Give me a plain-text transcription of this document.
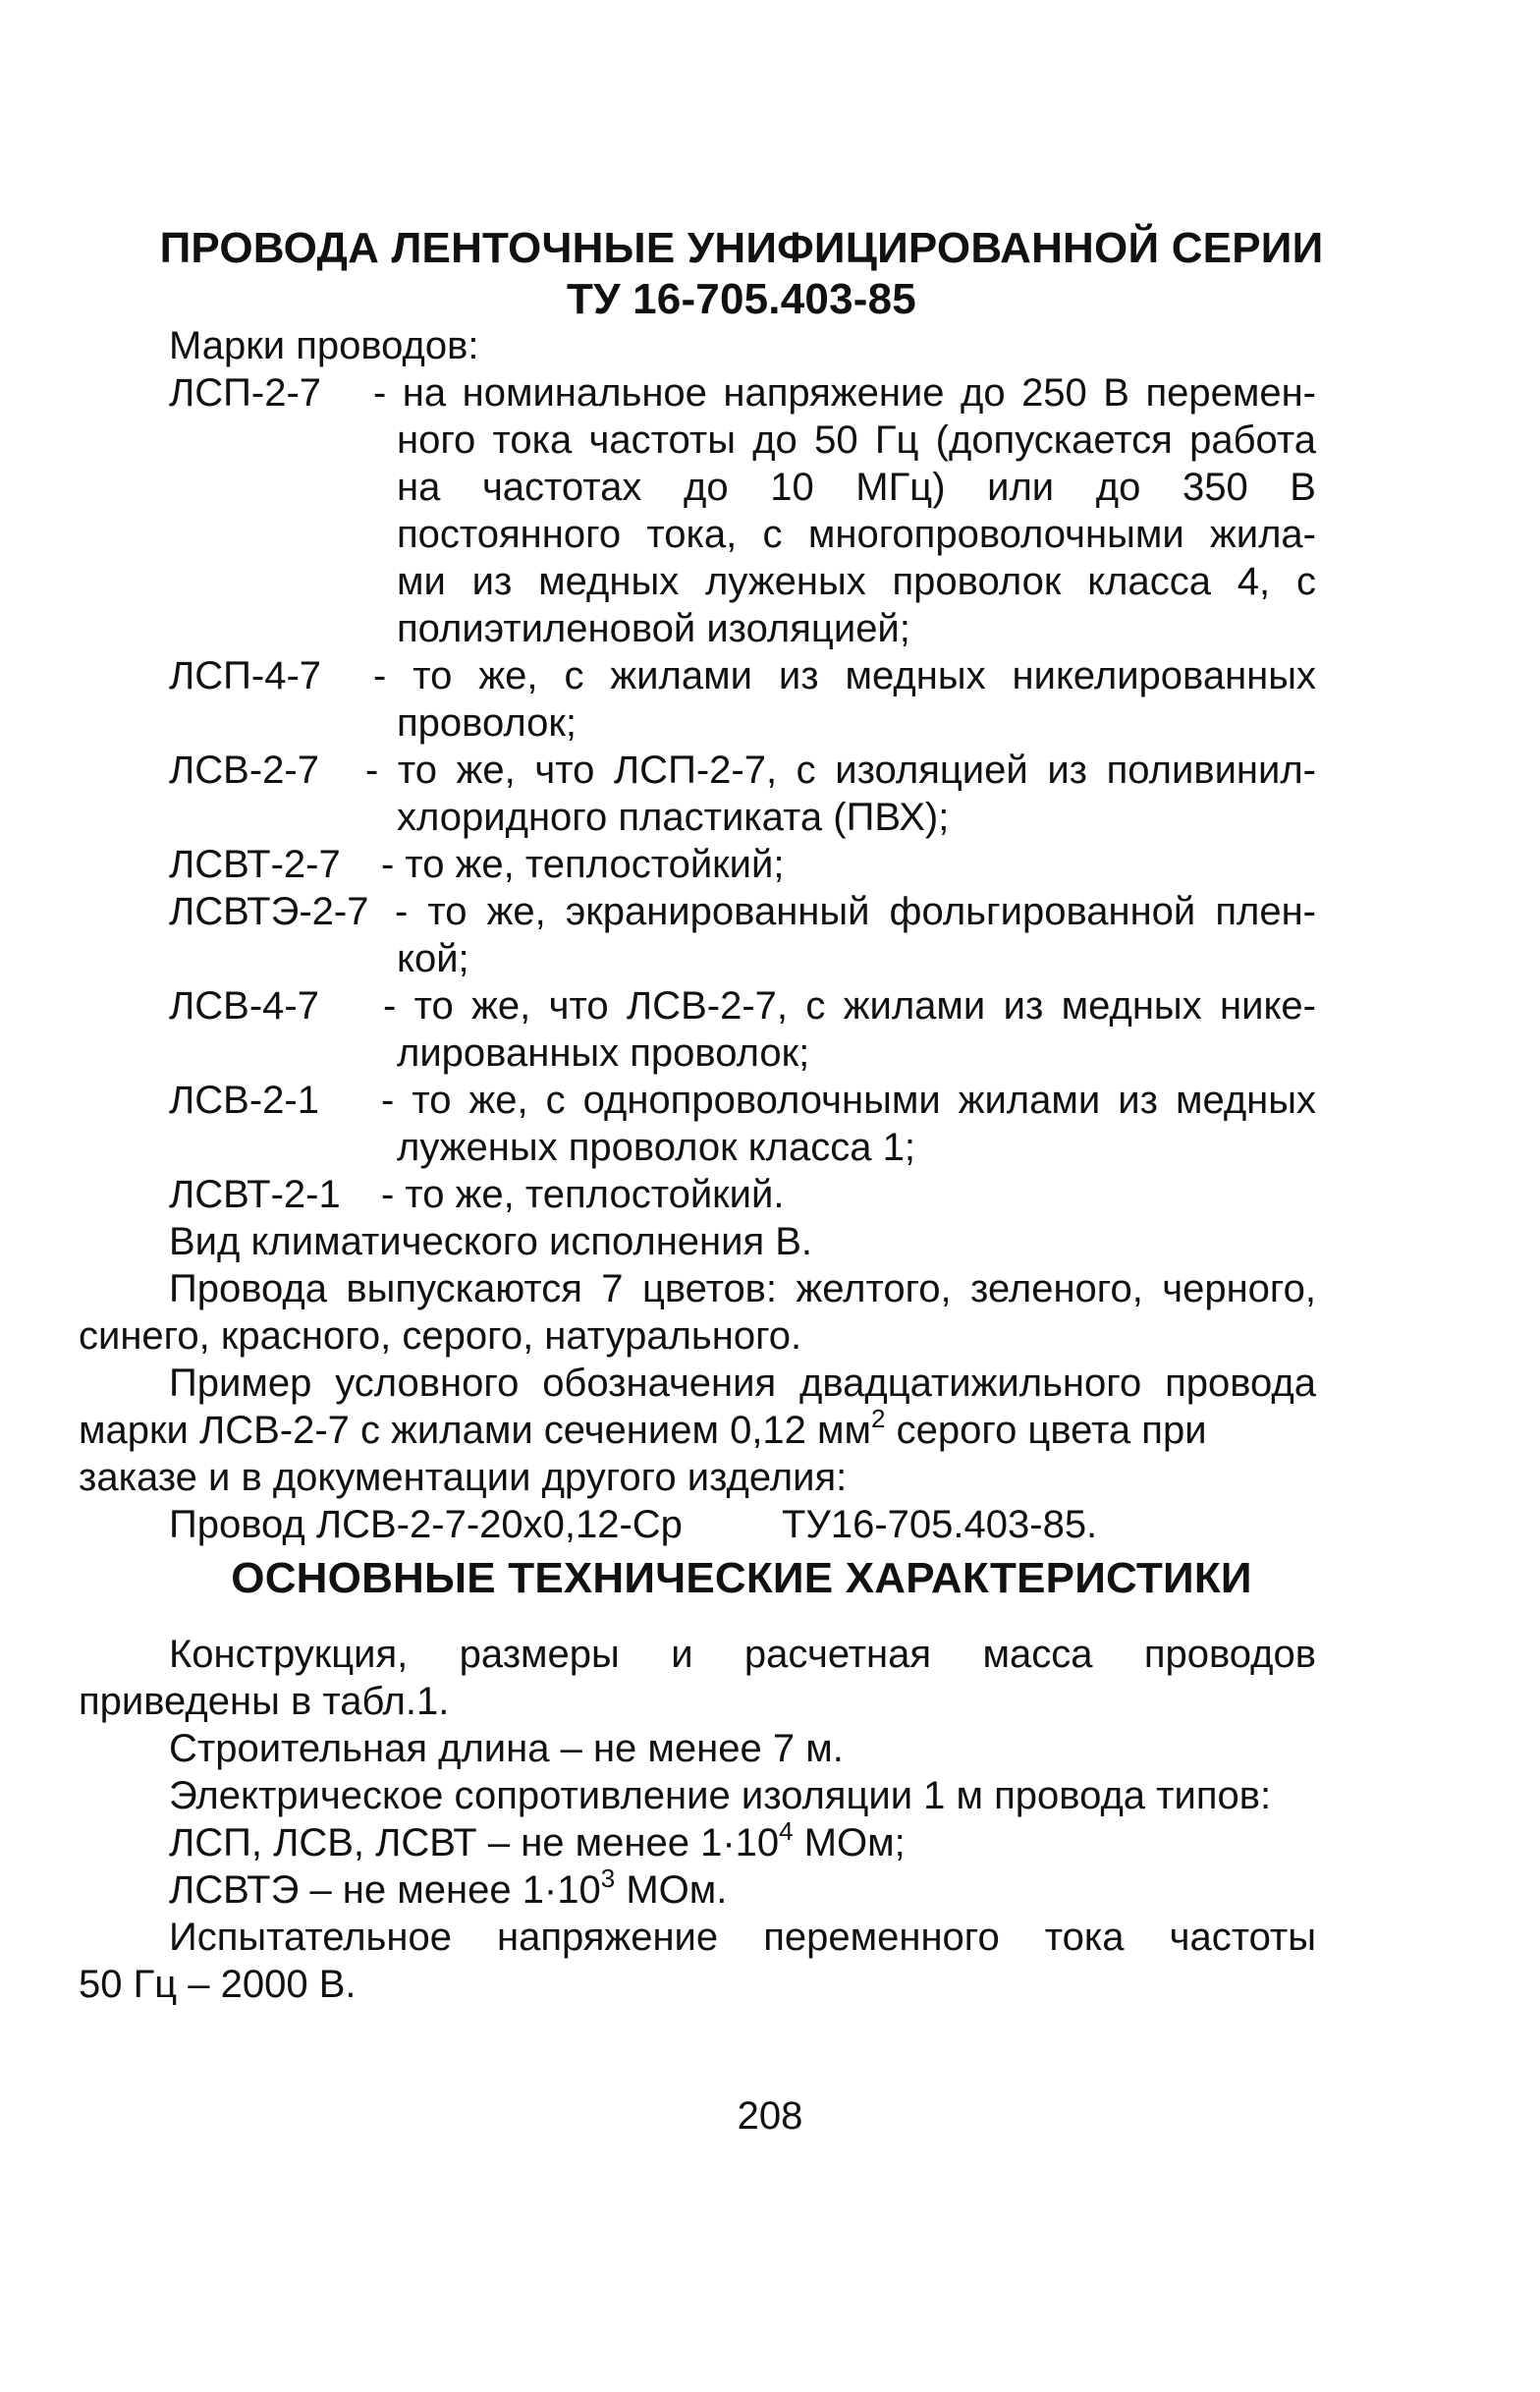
ПРОВОДА ЛЕНТОЧНЫЕ УНИФИЦИРОВАННОЙ СЕРИИ
ТУ 16-705.403-85
Марки проводов:
ЛСП-2-7 - на номинальное напряжение до 250 В перемен-
ного тока частоты до 50 Гц (допускается работа
на частотах до 10 МГц) или до 350 В
постоянного тока, с многопроволочными жила-
ми из медных луженых проволок класса 4, с
полиэтиленовой изоляцией;
ЛСП-4-7 - то же, с жилами из медных никелированных
проволок;
ЛСВ-2-7 - то же, что ЛСП-2-7, с изоляцией из поливинил-
хлоридного пластиката (ПВХ);
ЛСВТ-2-7 - то же, теплостойкий;
ЛСВТЭ-2-7 - то же, экранированный фольгированной плен-
кой;
ЛСВ-4-7 - то же, что ЛСВ-2-7, с жилами из медных нике-
лированных проволок;
ЛСВ-2-1 - то же, с однопроволочными жилами из медных
луженых проволок класса 1;
ЛСВТ-2-1 - то же, теплостойкий.
Вид климатического исполнения В.
Провода выпускаются 7 цветов: желтого, зеленого, черного,
синего, красного, серого, натурального.
Пример условного обозначения двадцатижильного провода
марки ЛСВ-2-7 с жилами сечением 0,12 $мм^2$ серого цвета при
заказе и в документации другого изделия:
Провод ЛСВ-2-7-20х0,12-Ср	ТУ16-705.403-85.
ОСНОВНЫЕ ТЕХНИЧЕСКИЕ ХАРАКТЕРИСТИКИ
Конструкция, размеры и расчетная масса проводов
приведены в табл.1.
Строительная длина – не менее 7 м.
Электрическое сопротивление изоляции 1 м провода типов:
ЛСП, ЛСВ, ЛСВТ – не менее $1\cdot 10^4$ МОм;
ЛСВТЭ – не менее $1\cdot 10^3$ МОм.
Испытательное напряжение переменного тока частоты
50 Гц – 2000 В.
208
